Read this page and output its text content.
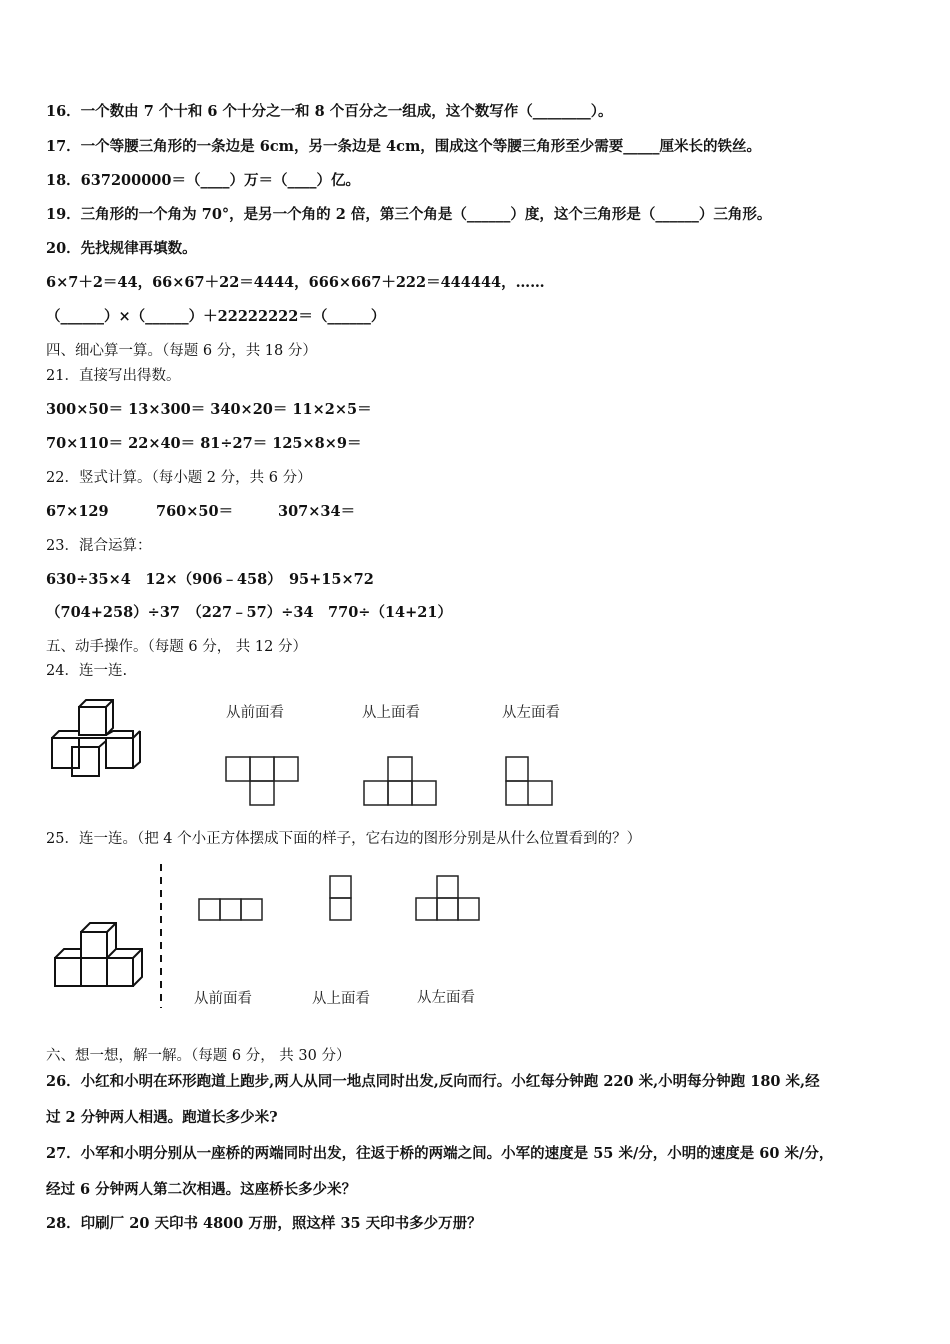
16．一个数由 7 个十和 6 个十分之一和 8 个百分之一组成，这个数写作（________）。
17．一个等腰三角形的一条边是 6cm，另一条边是 4cm，围成这个等腰三角形至少需要_____厘米长的铁丝。
18．637200000＝（____）万＝（____）亿。
19．三角形的一个角为 70°，是另一个角的 2 倍，第三个角是（______）度，这个三角形是（______）三角形。
20．先找规律再填数。
6×7＋2＝44，66×67＋22＝4444，666×667＋222＝444444，……
（______）×（______）＋22222222＝（______）
四、细心算一算。（每题 6 分，共 18 分）
21．直接写出得数。
300×50＝ 13×300＝ 340×20＝ 11×2×5＝
70×110＝ 22×40＝ 81÷27＝ 125×8×9＝
22．竖式计算。（每小题 2 分，共 6 分）
67×129	760×50＝	307×34＝
23．混合运算：
630÷35×4　12×（906﹣458）　95+15×72
（704+258）÷37　（227﹣57）÷34　770÷（14+21）
五、动手操作。（每题 6 分， 共 12 分）
24．连一连.
从前面看	从上面看	从左面看
25．连一连。（把 4 个小正方体摆成下面的样子，它右边的图形分别是从什么位置看到的？）
从前面看	从上面看	从左面看
六、想一想，解一解。（每题 6 分， 共 30 分）
26．小红和小明在环形跑道上跑步,两人从同一地点同时出发,反向而行。小红每分钟跑 220 米,小明每分钟跑 180 米,经
过 2 分钟两人相遇。跑道长多少米?
27．小军和小明分别从一座桥的两端同时出发，往返于桥的两端之间。小军的速度是 55 米/分，小明的速度是 60 米/分，
经过 6 分钟两人第二次相遇。这座桥长多少米？
28．印刷厂 20 天印书 4800 万册，照这样 35 天印书多少万册？
